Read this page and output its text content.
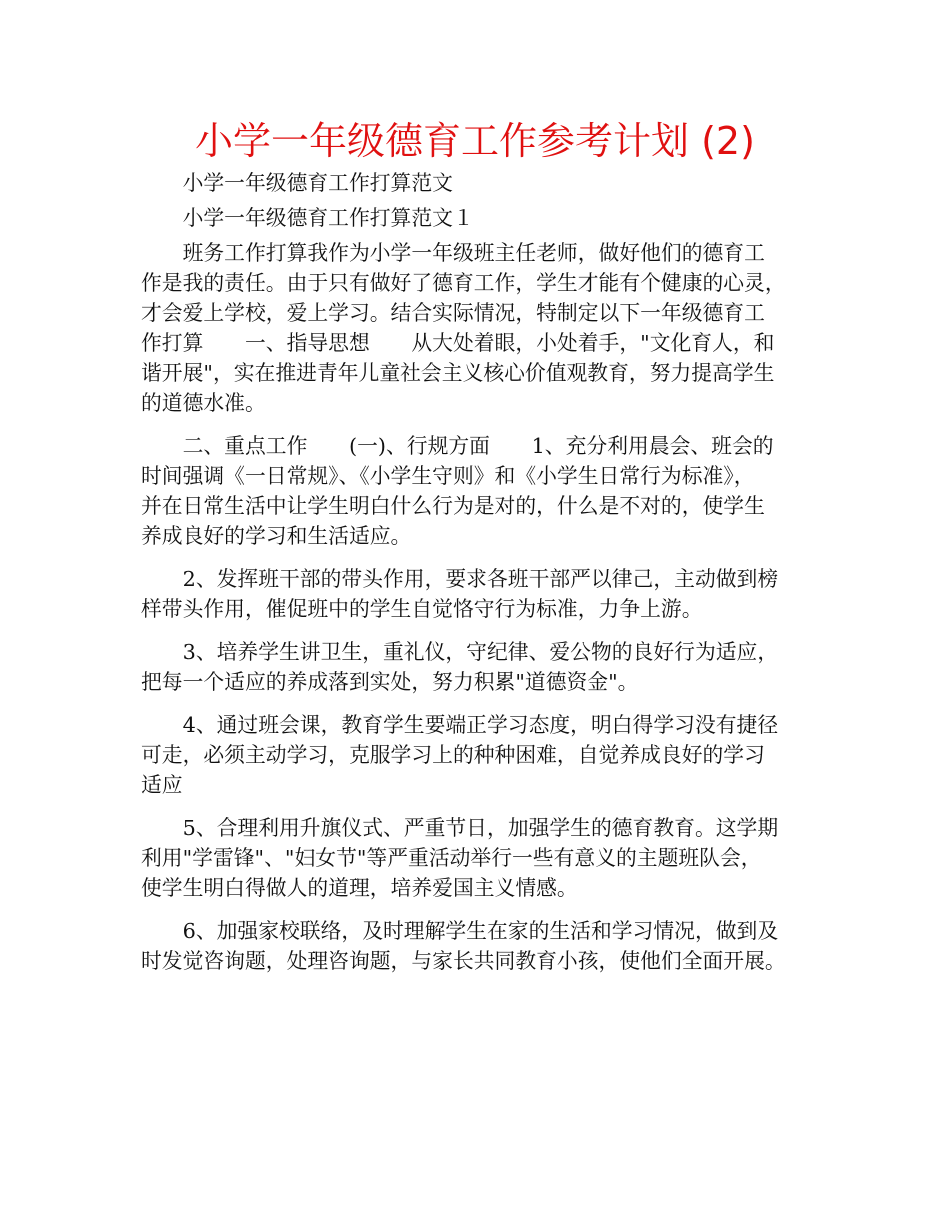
小学一年级德育工作参考计划 (2)

　　小学一年级德育工作打算范文

　　小学一年级德育工作打算范文１

　　班务工作打算我作为小学一年级班主任老师，做好他们的德育工

作是我的责任。由于只有做好了德育工作，学生才能有个健康的心灵，

才会爱上学校，爱上学习。结合实际情况，特制定以下一年级德育工

作打算　　一、指导思想　　从大处着眼，小处着手，"文化育人，和

谐开展"，实在推进青年儿童社会主义核心价值观教育，努力提高学生

的道德水准。

　　二、重点工作　　(一)、行规方面　　1、充分利用晨会、班会的

时间强调《一日常规》、《小学生守则》和《小学生日常行为标准》，

并在日常生活中让学生明白什么行为是对的，什么是不对的，使学生

养成良好的学习和生活适应。

　　2、发挥班干部的带头作用，要求各班干部严以律己，主动做到榜

样带头作用，催促班中的学生自觉恪守行为标准，力争上游。

　　3、培养学生讲卫生，重礼仪，守纪律、爱公物的良好行为适应，

把每一个适应的养成落到实处，努力积累"道德资金"。

　　4、通过班会课，教育学生要端正学习态度，明白得学习没有捷径

可走，必须主动学习，克服学习上的种种困难，自觉养成良好的学习

适应

　　5、合理利用升旗仪式、严重节日，加强学生的德育教育。这学期

利用"学雷锋"、"妇女节"等严重活动举行一些有意义的主题班队会，

使学生明白得做人的道理，培养爱国主义情感。

　　6、加强家校联络，及时理解学生在家的生活和学习情况，做到及

时发觉咨询题，处理咨询题，与家长共同教育小孩，使他们全面开展。
